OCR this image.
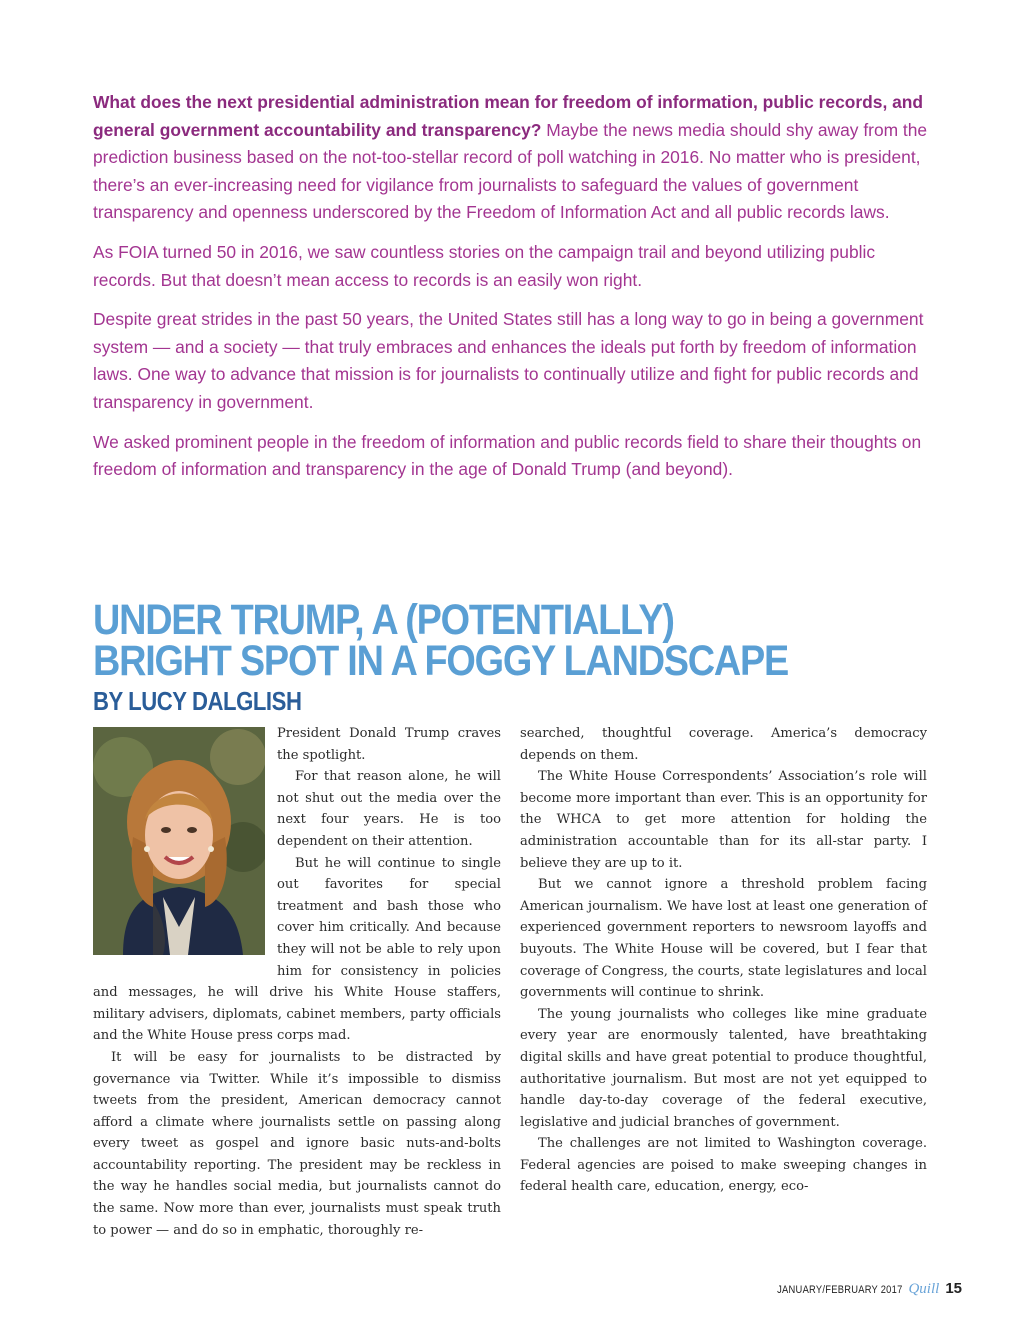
What does the next presidential administration mean for freedom of information, public records, and general government accountability and transparency? Maybe the news media should shy away from the prediction business based on the not-too-stellar record of poll watching in 2016. No matter who is president, there’s an ever-increasing need for vigilance from journalists to safeguard the values of government transparency and openness underscored by the Freedom of Information Act and all public records laws.

As FOIA turned 50 in 2016, we saw countless stories on the campaign trail and beyond utilizing public records. But that doesn’t mean access to records is an easily won right.

Despite great strides in the past 50 years, the United States still has a long way to go in being a government system — and a society — that truly embraces and enhances the ideals put forth by freedom of information laws. One way to advance that mission is for journalists to continually utilize and fight for public records and transparency in government.

We asked prominent people in the freedom of information and public records field to share their thoughts on freedom of information and transparency in the age of Donald Trump (and beyond).

UNDER TRUMP, A (POTENTIALLY)
BRIGHT SPOT IN A FOGGY LANDSCAPE
BY LUCY DALGLISH

President Donald Trump craves the spotlight.

For that reason alone, he will not shut out the media over the next four years. He is too dependent on their attention.

But he will continue to single out favorites for special treatment and bash those who cover him critically. And because they will not be able to rely upon him for consistency in policies and messages, he will drive his White House staffers, military advisers, diplomats, cabinet members, party officials and the White House press corps mad.

It will be easy for journalists to be distracted by governance via Twitter. While it’s impossible to dismiss tweets from the president, American democracy cannot afford a climate where journalists settle on passing along every tweet as gospel and ignore basic nuts-and-bolts accountability reporting. The president may be reckless in the way he handles social media, but journalists cannot do the same. Now more than ever, journalists must speak truth to power — and do so in emphatic, thoroughly re-

searched, thoughtful coverage. America’s democracy depends on them.

The White House Correspondents’ Association’s role will become more important than ever. This is an opportunity for the WHCA to get more attention for holding the administration accountable than for its all-star party. I believe they are up to it.

But we cannot ignore a threshold problem facing American journalism. We have lost at least one generation of experienced government reporters to newsroom layoffs and buyouts. The White House will be covered, but I fear that coverage of Congress, the courts, state legislatures and local governments will continue to shrink.

The young journalists who colleges like mine graduate every year are enormously talented, have breathtaking digital skills and have great potential to produce thoughtful, authoritative journalism. But most are not yet equipped to handle day-to-day coverage of the federal executive, legislative and judicial branches of government.

The challenges are not limited to Washington coverage. Federal agencies are poised to make sweeping changes in federal health care, education, energy, eco-

JANUARY/FEBRUARY 2017 Quill 15
